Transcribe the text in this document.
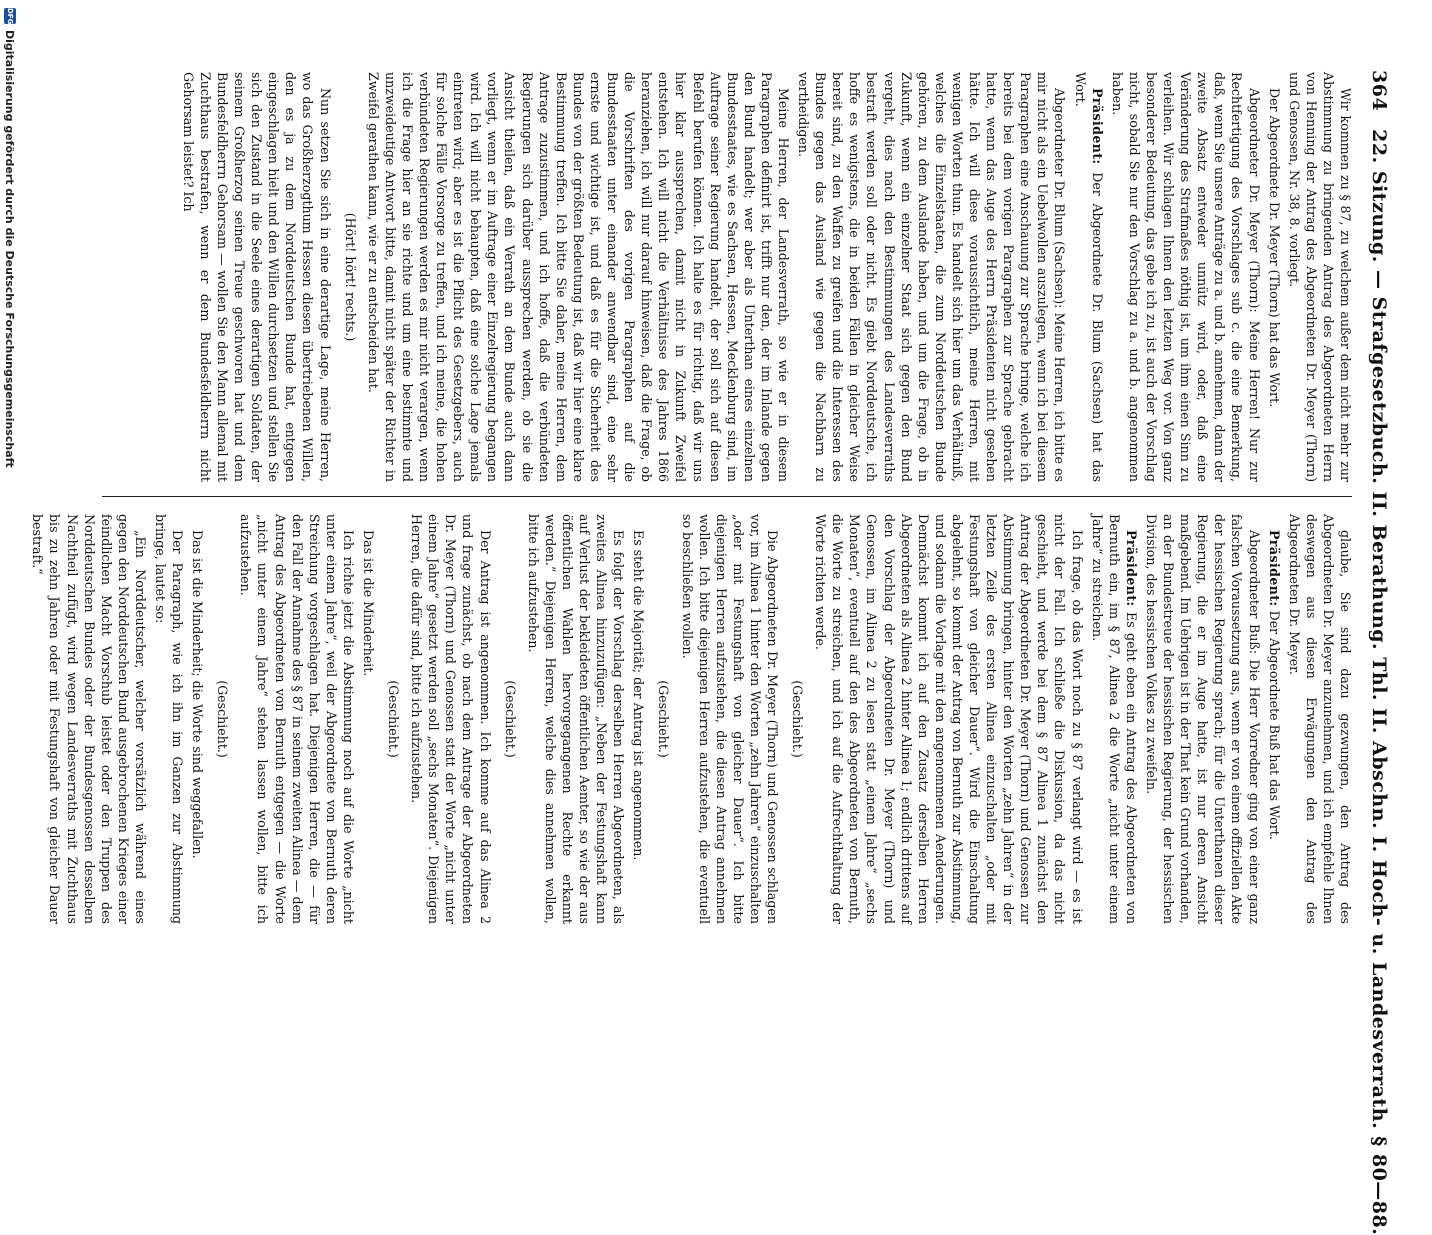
364
22. Sitzung. — Strafgesetzbuch. II. Berathung. Thl. II. Abschn. I. Hoch- u. Landesverrath. § 80—88.

Wir kommen zu § 87, zu welchem außer dem nicht mehr zur Abstimmung zu bringenden Antrag des Abgeordneten Herrn von Henning der Antrag des Abgeordneten Dr. Meyer (Thorn) und Genossen, Nr. 38, 8. vorliegt.

Der Abgeordnete Dr. Meyer (Thorn) hat das Wort.

Abgeordneter Dr. Meyer (Thorn): Meine Herren! Nur zur Rechtfertigung des Vorschlages sub c. die eine Bemerkung, daß, wenn Sie unsere Anträge zu a. und b. annehmen, dann der zweite Absatz entweder unnütz wird, oder, daß eine Veränderung des Strafmaßes nöthig ist, um ihm einen Sinn zu verleihen. Wir schlagen Ihnen den letzten Weg vor. Von ganz besonderer Bedeutung, das gebe ich zu, ist auch der Vorschlag nicht, sobald Sie nur den Vorschlag zu a. und b. angenommen haben.

Präsident: Der Abgeordnete Dr. Blum (Sachsen) hat das Wort.

Abgeordneter Dr. Blum (Sachsen): Meine Herren, ich bitte es mir nicht als ein Uebelwollen auszulegen, wenn ich bei diesem Paragraphen eine Anschauung zur Sprache bringe, welche ich bereits bei dem vorigen Paragraphen zur Sprache gebracht hatte, wenn das Auge des Herrn Präsidenten nicht gesehen hätte. Ich will diese voraussichtlich, meine Herren, mit wenigen Worten thun. Es handelt sich hier um das Verhältniß, welches die Einzelstaaten, die zum Norddeutschen Bunde gehören, zu dem Auslande haben, und um die Frage, ob in Zukunft, wenn ein einzelner Staat sich gegen den Bund vergeht, dies nach den Bestimmungen des Landesverraths bestraft werden soll oder nicht. Es giebt Norddeutsche, ich hoffe es wenigstens, die in beiden Fällen in gleicher Weise bereit sind, zu den Waffen zu greifen und die Interessen des Bundes gegen das Ausland wie gegen die Nachbarn zu vertheidigen.

Meine Herren, der Landesverrath, so wie er in diesem Paragraphen definirt ist, trifft nur den, der im Inlande gegen den Bund handelt; wer aber als Unterthan eines einzelnen Bundesstaates, wie es Sachsen, Hessen, Mecklenburg sind, im Auftrage seiner Regierung handelt, der soll sich auf diesen Befehl berufen können. Ich halte es für richtig, daß wir uns hier klar aussprechen, damit nicht in Zukunft Zweifel entstehen. Ich will nicht die Verhältnisse des Jahres 1866 heranziehen, ich will nur darauf hinweisen, daß die Frage, ob die Vorschriften des vorigen Paragraphen auf die Bundesstaaten unter einander anwendbar sind, eine sehr ernste und wichtige ist, und daß es für die Sicherheit des Bundes von der größten Bedeutung ist, daß wir hier eine klare Bestimmung treffen. Ich bitte Sie daher, meine Herren, dem Antrage zuzustimmen, und ich hoffe, daß die verbündeten Regierungen sich darüber aussprechen werden, ob sie die Ansicht theilen, daß ein Verrath an dem Bunde auch dann vorliegt, wenn er im Auftrage einer Einzelregierung begangen wird. Ich will nicht behaupten, daß eine solche Lage jemals eintreten wird; aber es ist die Pflicht des Gesetzgebers, auch für solche Fälle Vorsorge zu treffen, und ich meine, die hohen verbündeten Regierungen werden es mir nicht verargen, wenn ich die Frage hier an sie richte und um eine bestimmte und unzweideutige Antwort bitte, damit nicht später der Richter in Zweifel gerathen kann, wie er zu entscheiden hat.

(Hört! hört! rechts.)

Nun setzen Sie sich in eine derartige Lage, meine Herren, wo das Großherzogthum Hessen diesen übertriebenen Willen, den es ja zu dem Norddeutschen Bunde hat, entgegen eingeschlagen hielt und den Willen durchsetzen und stellen Sie sich den Zustand in die Seele eines derartigen Soldaten, der seinem Großherzog seinen Treue geschworen hat und dem Bundesfeldherrn Gehorsam — wollen Sie den Mann allemal mit Zuchthaus bestrafen, wenn er dem Bundesfeldherrn nicht Gehorsam leistet? Ich

glaube, Sie sind dazu gezwungen, den Antrag des Abgeordneten Dr. Meyer anzunehmen, und ich empfehle Ihnen deswegen aus diesen Erwägungen den Antrag des Abgeordneten Dr. Meyer.

Präsident: Der Abgeordnete Buß hat das Wort.

Abgeordneter Buß: Die Herr Vorredner ging von einer ganz falschen Voraussetzung aus, wenn er von einem offiziellen Akte der hessischen Regierung sprach; für die Unterthanen dieser Regierung, die er im Auge hatte, ist nur deren Ansicht maßgebend. Im Uebrigen ist in der That kein Grund vorhanden, an der Bundestreue der hessischen Regierung, der hessischen Division, des hessischen Volkes zu zweifeln.

Präsident: Es geht eben ein Antrag des Abgeordneten von Bernuth ein, im § 87, Alinea 2 die Worte „nicht unter einem Jahre“ zu streichen.

Ich frage, ob das Wort noch zu § 87 verlangt wird — es ist nicht der Fall. Ich schließe die Diskussion, da das nicht geschieht, und werde bei dem § 87 Alinea 1 zunächst den Antrag der Abgeordneten Dr. Meyer (Thorn) und Genossen zur Abstimmung bringen, hinter den Worten „zehn Jahren“ in der letzten Zeile des ersten Alinea einzuschalten „oder mit Festungshaft von gleicher Dauer“. Wird die Einschaltung abgelehnt, so kommt der Antrag von Bernuth zur Abstimmung, und sodann die Vorlage mit den angenommenen Aenderungen. Demnächst kommt ich auf den Zusatz derselben Herren Abgeordneten als Alinea 2 hinter Alinea 1; endlich drittens auf den Vorschlag der Abgeordneten Dr. Meyer (Thorn) und Genossen, im Alinea 2 zu lesen statt „einem Jahre“ „sechs Monaten“, eventuell auf den des Abgeordneten von Bernuth, die Worte zu streichen, und ich auf die Aufrechthaltung der Worte richten werde.

(Geschieht.)

Die Abgeordneten Dr. Meyer (Thorn) und Genossen schlagen vor, im Alinea 1 hinter den Worten „zehn Jahren“ einzuschalten „oder mit Festungshaft von gleicher Dauer“. Ich bitte diejenigen Herren aufzustehen, die diesen Antrag annehmen wollen. Ich bitte diejenigen Herren aufzustehen, die eventuell so beschließen wollen.

(Geschieht.)

Es steht die Majorität; der Antrag ist angenommen.

Es folgt der Vorschlag derselben Herren Abgeordneten, als zweites Alinea hinzuzufügen: „Neben der Festungshaft kann auf Verlust der bekleideten öffentlichen Aemter, so wie der aus öffentlichen Wahlen hervorgegangenen Rechte erkannt werden.“ Diejenigen Herren, welche dies annehmen wollen, bitte ich aufzustehen.

(Geschieht.)

Der Antrag ist angenommen. Ich komme auf das Alinea 2 und frage zunächst, ob nach dem Antrage der Abgeordneten Dr. Meyer (Thorn) und Genossen statt der Worte „nicht unter einem Jahre“ gesetzt werden soll „sechs Monaten“. Diejenigen Herren, die dafür sind, bitte ich aufzustehen.

(Geschieht.)

Das ist die Minderheit.

Ich richte jetzt die Abstimmung noch auf die Worte „nicht unter einem Jahre“, weil der Abgeordnete von Bernuth deren Streichung vorgeschlagen hat. Diejenigen Herren, die — für den Fall der Annahme des § 87 in seinem zweiten Alinea — dem Antrag des Abgeordneten von Bernuth entgegen — die Worte „nicht unter einem Jahre“ stehen lassen wollen, bitte ich aufzustehen.

(Geschieht.)

Das ist die Minderheit; die Worte sind weggefallen.

Der Paragraph, wie ich ihn im Ganzen zur Abstimmung bringe, lautet so:

„Ein Norddeutscher, welcher vorsätzlich während eines gegen den Norddeutschen Bund ausgebrochenen Krieges einer feindlichen Macht Vorschub leistet oder den Truppen des Norddeutschen Bundes oder der Bundesgenossen desselben Nachtheil zufügt, wird wegen Landesverraths mit Zuchthaus bis zu zehn Jahren oder mit Festungshaft von gleicher Dauer bestraft.“

DFG
Digitalisierung gefördert durch die Deutsche Forschungsgemeinschaft
